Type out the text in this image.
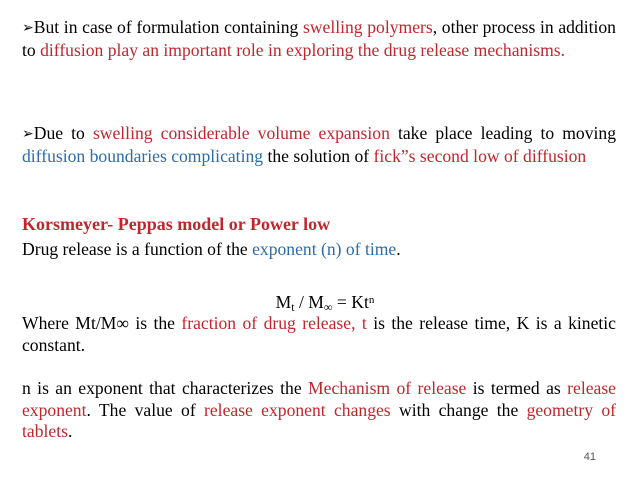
➢But in case of formulation containing swelling polymers, other process in addition to diffusion play an important role in exploring the drug release mechanisms.

➢Due to swelling considerable volume expansion take place leading to moving diffusion boundaries complicating the solution of fick”s second low of diffusion

Korsmeyer- Peppas model or Power low

Drug release is a function of the exponent (n) of time.

$M_t / M_\infty = Kt^n$

Where Mt/M∞ is the fraction of drug release, t is the release time, K is a kinetic constant.

n is an exponent that characterizes the Mechanism of release is termed as release exponent. The value of release exponent changes with change the geometry of tablets.

41
